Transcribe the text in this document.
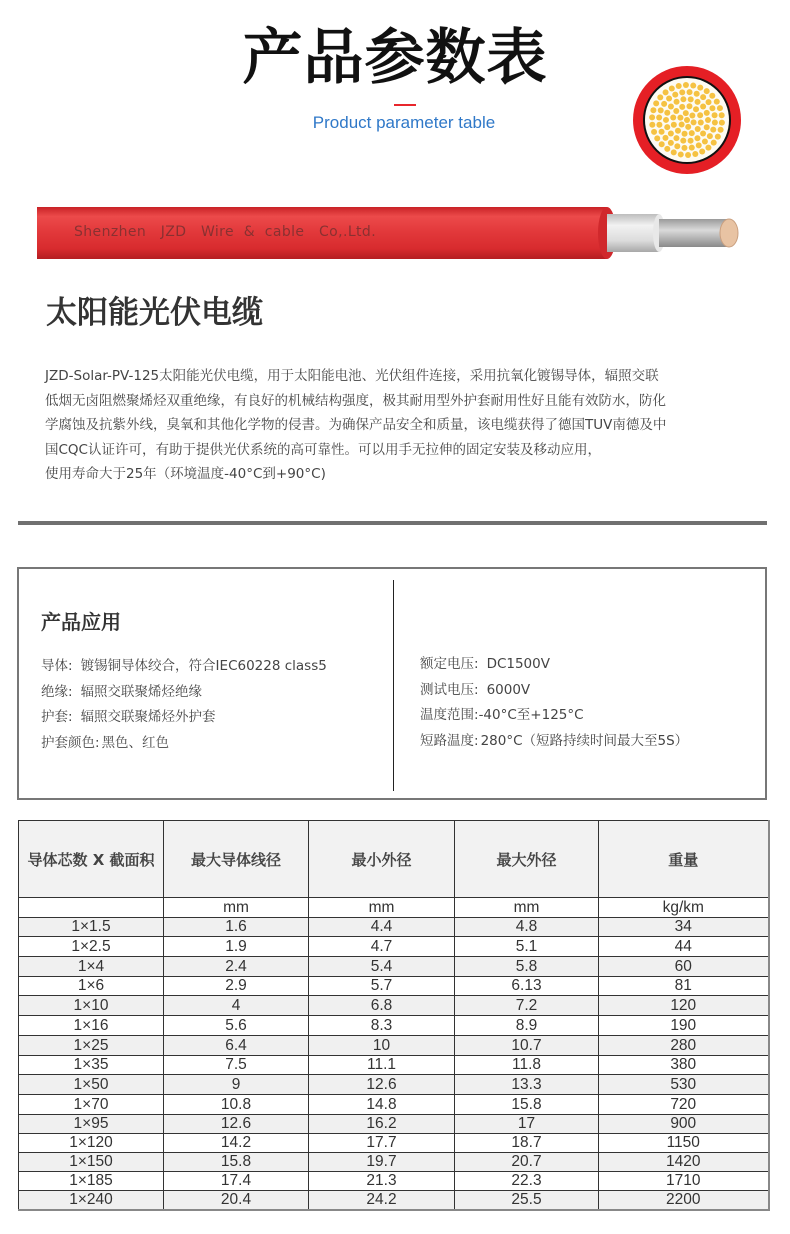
产品参数表
Product parameter table
Shenzhen   JZD   Wire  &  cable   Co,.Ltd.
太阳能光伏电缆

JZD-Solar-PV-125太阳能光伏电缆，用于太阳能电池、光伏组件连接，采用抗氧化镀锡导体，辐照交联

低烟无卤阻燃聚烯烃双重绝缘，有良好的机械结构强度，极其耐用型外护套耐用性好且能有效防水，防化

学腐蚀及抗紫外线，臭氧和其他化学物的侵書。为确保产品安全和质量，该电缆获得了德国TUV南德及中

国CQC认证许可，有助于提供光伏系统的高可靠性。可以用手无拉伸的固定安装及移动应用，

使用寿命大于25年（环境温度-40°C到+90°C)

产品应用
导体: 镀锡铜导体绞合，符合IEC60228 class5
绝缘: 辐照交联聚烯烃绝缘
护套: 辐照交联聚烯烃外护套
护套颜色: 黑色、红色
额定电压: DC1500V
测试电压: 6000V
温度范围:-40°C至+125°C
短路温度: 280°C（短路持续时间最大至5S）
导体芯数 X 截面积	最大导体线径	最小外径	最大外径	重量
	mm	mm	mm	kg/km
1×1.5	1.6	4.4	4.8	34
1×2.5	1.9	4.7	5.1	44
1×4	2.4	5.4	5.8	60
1×6	2.9	5.7	6.13	81
1×10	4	6.8	7.2	120
1×16	5.6	8.3	8.9	190
1×25	6.4	10	10.7	280
1×35	7.5	11.1	11.8	380
1×50	9	12.6	13.3	530
1×70	10.8	14.8	15.8	720
1×95	12.6	16.2	17	900
1×120	14.2	17.7	18.7	1150
1×150	15.8	19.7	20.7	1420
1×185	17.4	21.3	22.3	1710
1×240	20.4	24.2	25.5	2200
